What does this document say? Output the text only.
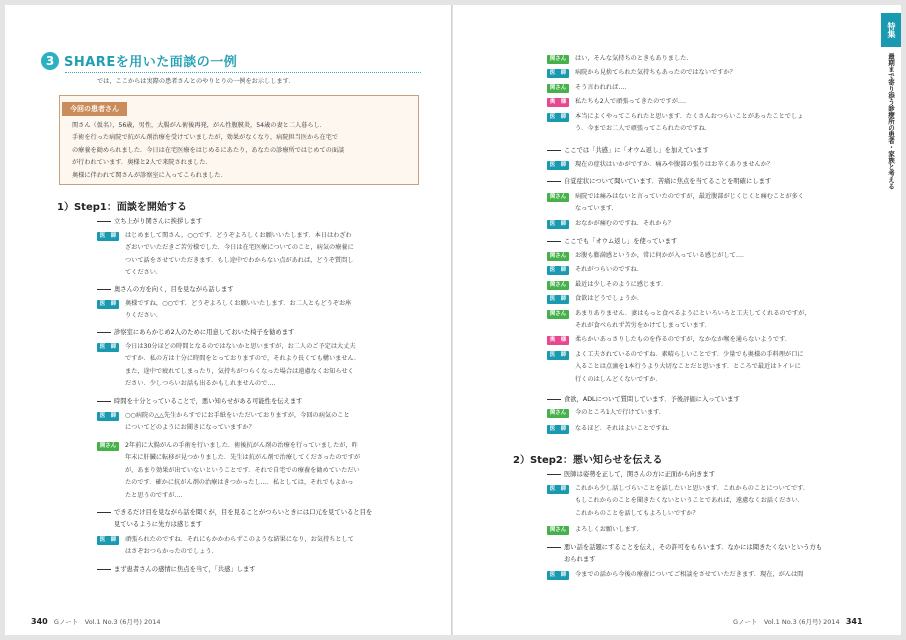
3 SHAREを用いた面談の一例
では，ここからは実際の患者さんとのやりとりの一例をお示しします．
今回の患者さん
関さん（仮名），56歳，男性，大腸がん術後再発，がん性腹膜炎，54歳の妻と二人暮らし．
手術を行った病院で抗がん剤治療を受けていましたが，効果がなくなり，病院担当医から在宅で
の療養を勧められました．今日は在宅医療をはじめるにあたり，あなたの診療所ではじめての面談
が行われています．奥様と2人で来院されました．
奥様に伴われて関さんが診察室に入ってこられました．
1）Step1：面談を開始する
立ち上がり関さんに挨拶します
医　師	はじめまして関さん，○○です．どうぞよろしくお願いいたします．本日はわざわ
ざおいでいただきご苦労様でした．今日は在宅医療についてのこと，病気の療養に
ついて話をさせていただきます．もし途中でわからない点があれば，どうぞ質問し
てください．
奥さんの方を向く，目を見ながら話します
医　師	奥様ですね，○○です．どうぞよろしくお願いいたします．お二人ともどうぞお座
りください．
診察室にあらかじめ2人のために用意しておいた椅子を勧めます
医　師	今日は30分ほどの時間となるのではないかと思いますが，お二人のご予定は大丈夫
ですか．私の方は十分に時間をとっておりますので，それより長くても構いません．
また，途中で疲れてしまったり，気持ちがつらくなった場合は遠慮なくお知らせく
ださい．少しつらいお話も出るかもしれませんので…．
時間を十分とっていることで，悪い知らせがある可能性を伝えます
医　師	○○病院の△△先生からすでにお手紙をいただいておりますが，今回の病気のこと
についてどのようにお聞きになっていますか？
関さん	2年前に大腸がんの手術を行いました．術後抗がん剤の治療を行っていましたが，昨
年末に肝臓に転移が見つかりました．先生は抗がん剤で治療してくださったのですが
が，あまり効果が出ていないということです．それで自宅での療養を勧めていただい
たのです．確かに抗がん剤の治療はきつかったし…．私としては，それでもよかっ
たと思うのですが…．
できるだけ目を見ながら話を聞くが，目を見ることがつらいときには口元を見ていると目を
見ているように先方は感じます
医　師	頑張られたのですね．それにもかかわらずこのような結果になり，お気持ちとして
はさぞおつらかったのでしょう．
まず患者さんの感情に焦点を当て，「共感」します
340 Gノート　Vol.1 No.3 (6月号) 2014
特集
最期まで寄り添う診療所の患者・家族と考える
関さん	はい，そんな気持ちのときもありました．
医　師	病院から見捨てられた気持ちもあったのではないですか？
関さん	そう言われれば…．
奥　様	私たちも2人で頑張ってきたのですが…．
医　師	本当によくやってこられたと思います．たくさんおつらいことがあったことでしょ
う．今までお二人で頑張ってこられたのですね．
ここでは「共感」に「オウム返し」を加えています
医　師	現在の症状はいかがですか．痛みや腹部の張りはお辛くありませんか？
自覚症状について聞いています．苦痛に焦点を当てることを明確にします
関さん	病院では痛みはないと言っていたのですが，最近腹部がじくじくと痛むことが多く
なっています．
医　師	おなかが痛むのですね．それから？
ここでも「オウム返し」を使っています
関さん	お腹も膨満感というか，常に何かが入っている感じがして…．
医　師	それがつらいのですね．
関さん	最近は少しそのように感じます．
医　師	食欲はどうでしょうか．
関さん	あまりありません．妻はもっと食べるようにといろいろと工夫してくれるのですが，
それが食べられず苦労をかけてしまっています．
奥　様	柔らかいあっさりしたものを作るのですが，なかなか喉を通らないようです．
医　師	よく工夫されているのですね．素晴らしいことです．少量でも奥様の手料理が口に
入ることは点滴を1本行うより大切なことだと思います．ところで最近はトイレに
行くのはしんどくないですか．
食欲，ADLについて質問しています．予後評価に入っています
関さん	今のところ1人で行けています．
医　師	なるほど．それはよいことですね．
2）Step2：悪い知らせを伝える
医師は姿勢を正して，関さんの方に正面から向きます
医　師	これから少し話しづらいことを話したいと思います．これからのことについてです．
もしこれからのことを聞きたくないということであれば，遠慮なくお話ください．
これからのことを話してもよろしいですか？
関さん	よろしくお願いします．
悪い話を話題にすることを伝え，その許可をもらいます．なかには聞きたくないという方も
おられます
医　師	今までの話から今後の療養についてご相談をさせていただきます．現在，がんは間
Gノート　Vol.1 No.3 (6月号) 2014 341
